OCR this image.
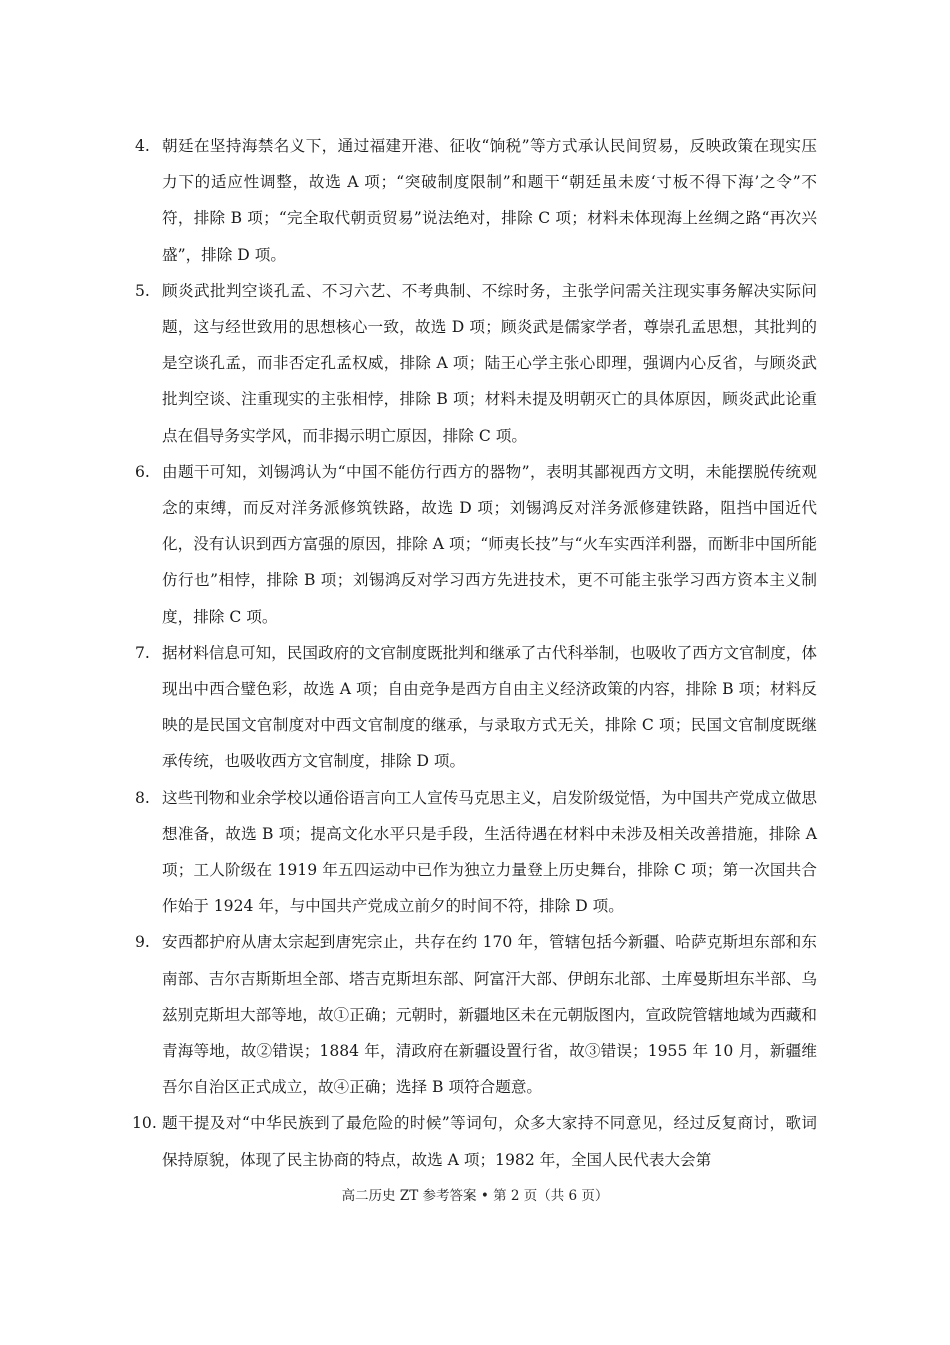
4. 朝廷在坚持海禁名义下，通过福建开港、征收“饷税”等方式承认民间贸易，反映政策在现实压力下的适应性调整，故选 A 项；“突破制度限制”和题干“朝廷虽未废‘寸板不得下海’之令”不符，排除 B 项；“完全取代朝贡贸易”说法绝对，排除 C 项；材料未体现海上丝绸之路“再次兴盛”，排除 D 项。
5. 顾炎武批判空谈孔孟、不习六艺、不考典制、不综时务，主张学问需关注现实事务解决实际问题，这与经世致用的思想核心一致，故选 D 项；顾炎武是儒家学者，尊崇孔孟思想，其批判的是空谈孔孟，而非否定孔孟权威，排除 A 项；陆王心学主张心即理，强调内心反省，与顾炎武批判空谈、注重现实的主张相悖，排除 B 项；材料未提及明朝灭亡的具体原因，顾炎武此论重点在倡导务实学风，而非揭示明亡原因，排除 C 项。
6. 由题干可知，刘锡鸿认为“中国不能仿行西方的器物”，表明其鄙视西方文明，未能摆脱传统观念的束缚，而反对洋务派修筑铁路，故选 D 项；刘锡鸿反对洋务派修建铁路，阻挡中国近代化，没有认识到西方富强的原因，排除 A 项；“师夷长技”与“火车实西洋利器，而断非中国所能仿行也”相悖，排除 B 项；刘锡鸿反对学习西方先进技术，更不可能主张学习西方资本主义制度，排除 C 项。
7. 据材料信息可知，民国政府的文官制度既批判和继承了古代科举制，也吸收了西方文官制度，体现出中西合璧色彩，故选 A 项；自由竞争是西方自由主义经济政策的内容，排除 B 项；材料反映的是民国文官制度对中西文官制度的继承，与录取方式无关，排除 C 项；民国文官制度既继承传统，也吸收西方文官制度，排除 D 项。
8. 这些刊物和业余学校以通俗语言向工人宣传马克思主义，启发阶级觉悟，为中国共产党成立做思想准备，故选 B 项；提高文化水平只是手段，生活待遇在材料中未涉及相关改善措施，排除 A 项；工人阶级在 1919 年五四运动中已作为独立力量登上历史舞台，排除 C 项；第一次国共合作始于 1924 年，与中国共产党成立前夕的时间不符，排除 D 项。
9. 安西都护府从唐太宗起到唐宪宗止，共存在约 170 年，管辖包括今新疆、哈萨克斯坦东部和东南部、吉尔吉斯斯坦全部、塔吉克斯坦东部、阿富汗大部、伊朗东北部、土库曼斯坦东半部、乌兹别克斯坦大部等地，故①正确；元朝时，新疆地区未在元朝版图内，宣政院管辖地域为西藏和青海等地，故②错误；1884 年，清政府在新疆设置行省，故③错误；1955 年 10 月，新疆维吾尔自治区正式成立，故④正确；选择 B 项符合题意。
10. 题干提及对“中华民族到了最危险的时候”等词句，众多大家持不同意见，经过反复商讨，歌词保持原貌，体现了民主协商的特点，故选 A 项；1982 年，全国人民代表大会第
高二历史 ZT 参考答案 • 第 2 页（共 6 页）
